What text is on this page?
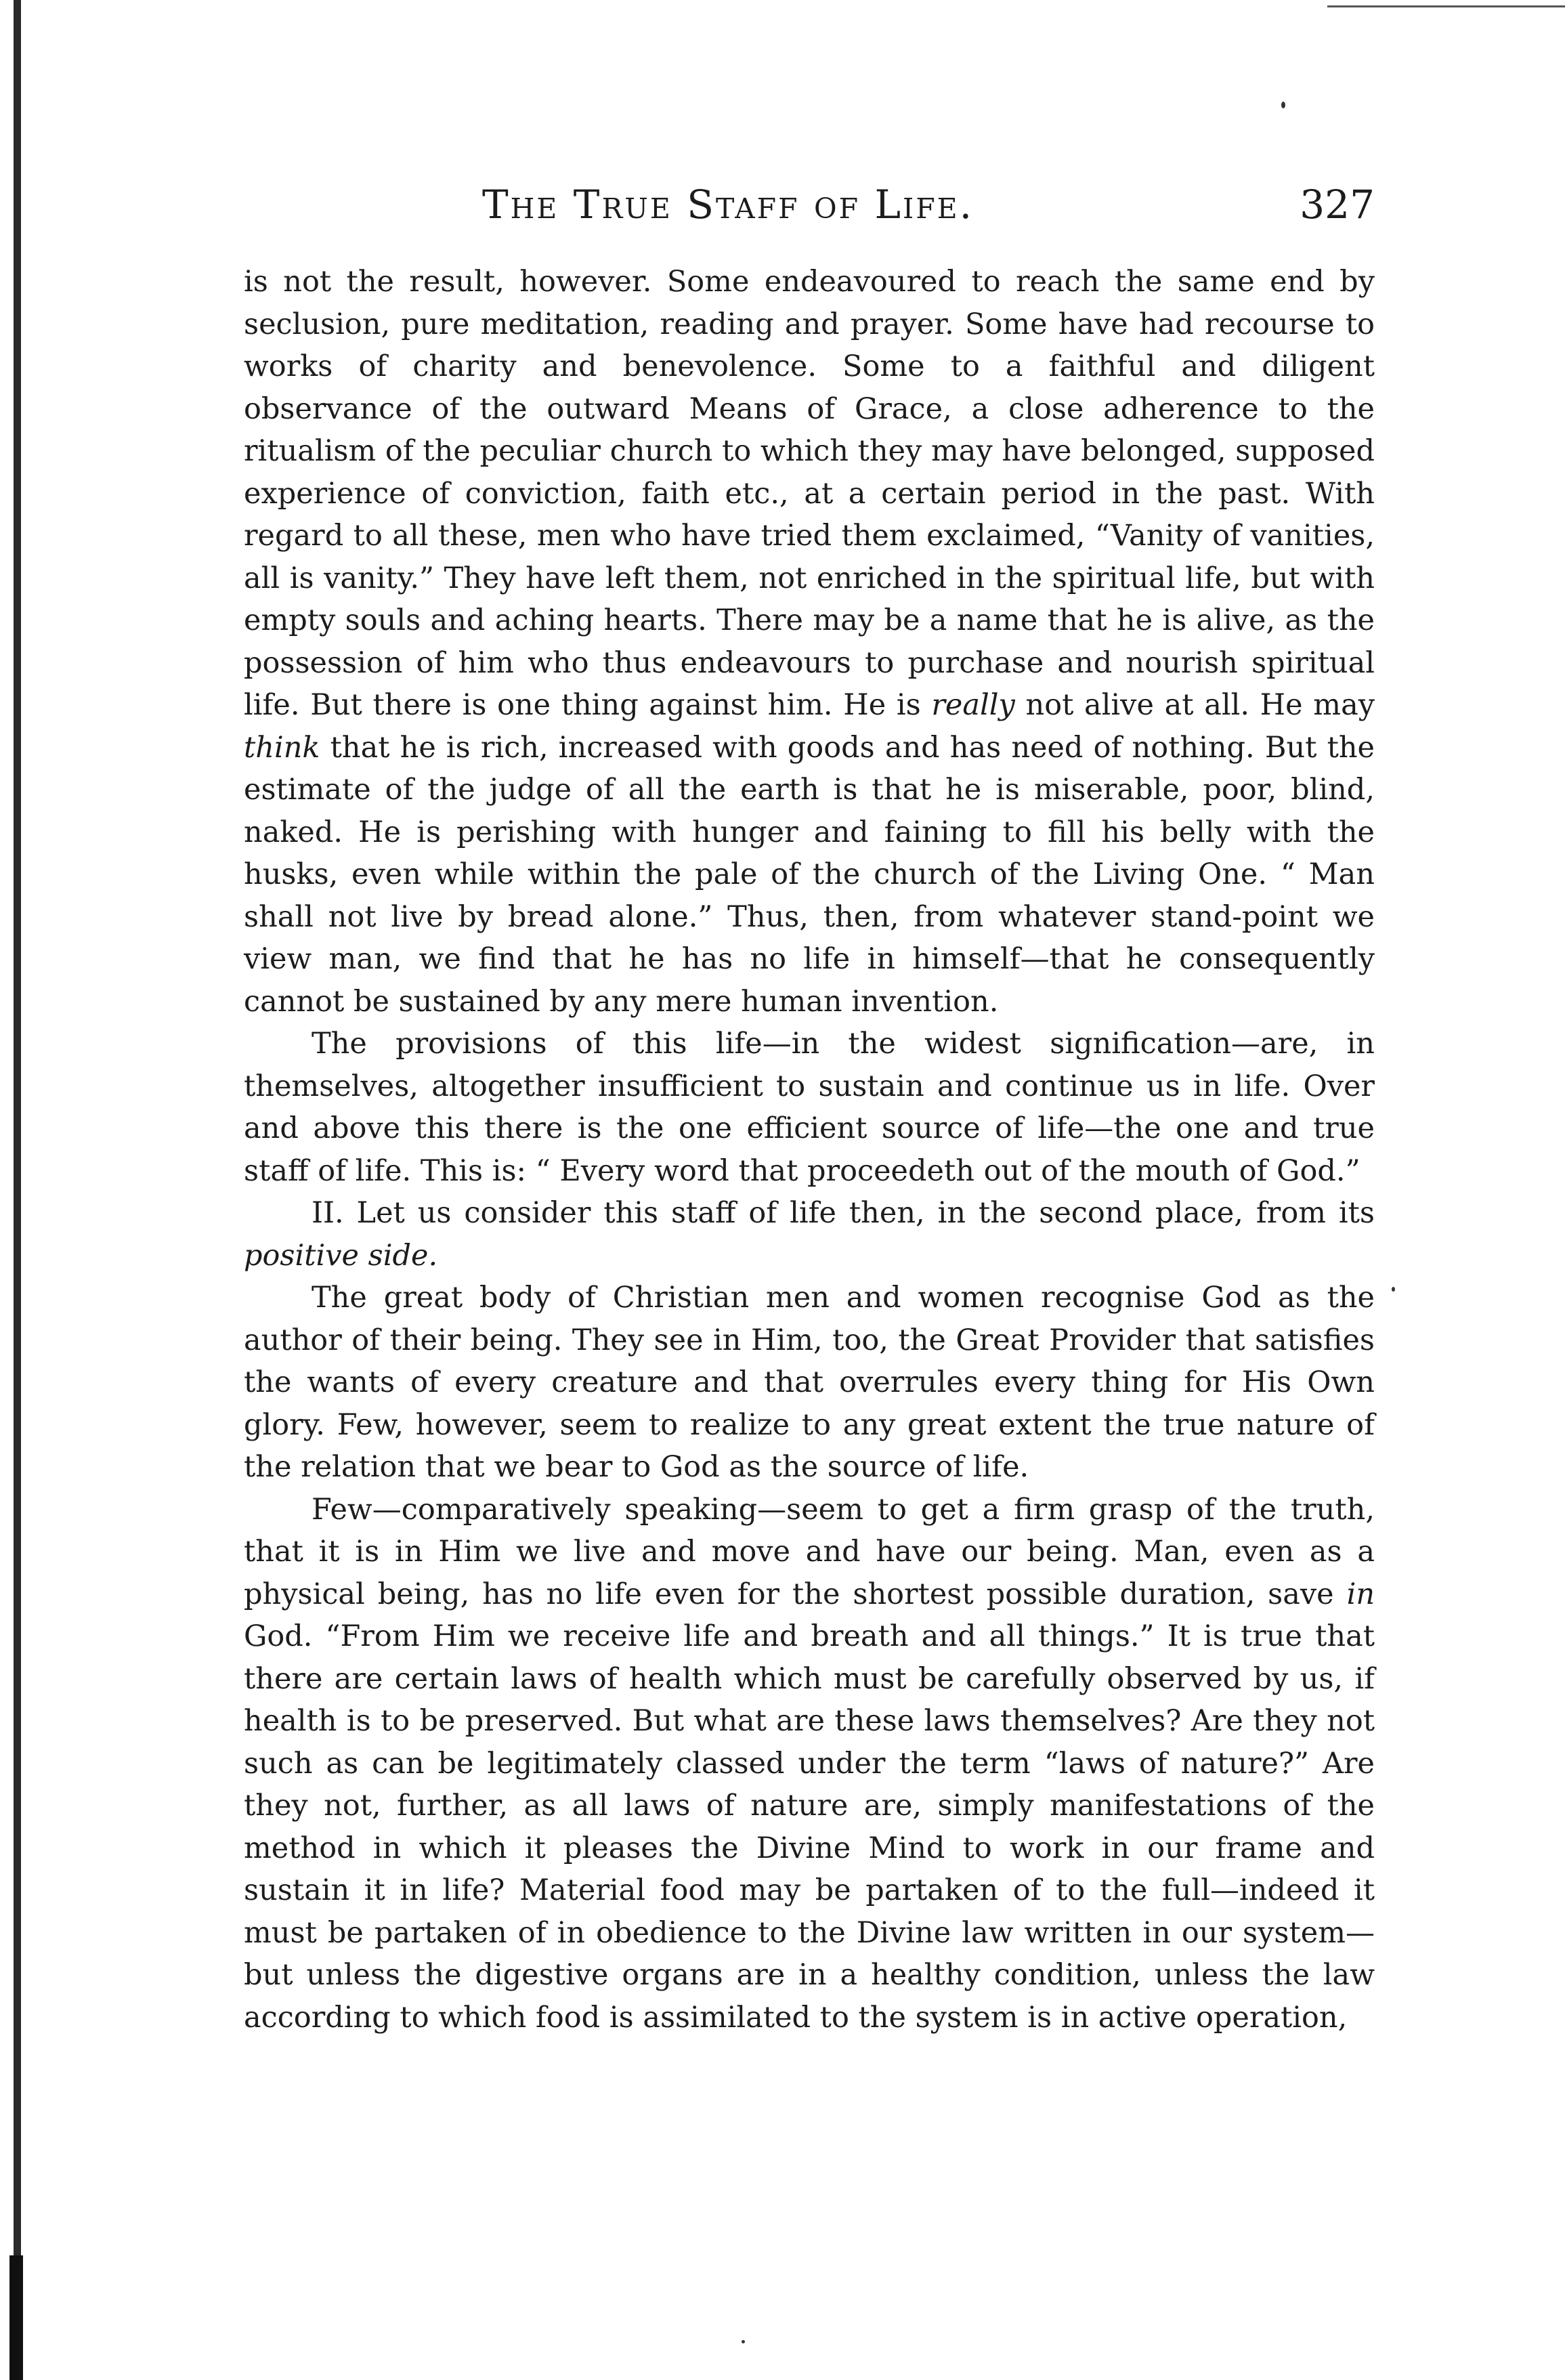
The True Staff of Life.	327

is not the result, however. Some endeavoured to reach the same end by seclusion, pure meditation, reading and prayer. Some have had recourse to works of charity and benevolence. Some to a faithful and diligent observance of the outward Means of Grace, a close adherence to the ritualism of the peculiar church to which they may have belonged, supposed experience of conviction, faith etc., at a certain period in the past. With regard to all these, men who have tried them exclaimed, “Vanity of vanities, all is vanity.” They have left them, not enriched in the spiritual life, but with empty souls and aching hearts. There may be a name that he is alive, as the possession of him who thus endeavours to purchase and nourish spiritual life. But there is one thing against him. He is really not alive at all. He may think that he is rich, increased with goods and has need of nothing. But the estimate of the judge of all the earth is that he is miserable, poor, blind, naked. He is perishing with hunger and faining to fill his belly with the husks, even while within the pale of the church of the Living One. “ Man shall not live by bread alone.” Thus, then, from whatever stand-point we view man, we find that he has no life in himself—that he consequently cannot be sustained by any mere human invention.

The provisions of this life—in the widest signification—are, in themselves, altogether insufficient to sustain and continue us in life. Over and above this there is the one efficient source of life—the one and true staff of life. This is: “ Every word that proceedeth out of the mouth of God.”

II. Let us consider this staff of life then, in the second place, from its positive side.

The great body of Christian men and women recognise God as the author of their being. They see in Him, too, the Great Provider that satisfies the wants of every creature and that overrules every thing for His Own glory. Few, however, seem to realize to any great extent the true nature of the relation that we bear to God as the source of life.

Few—comparatively speaking—seem to get a firm grasp of the truth, that it is in Him we live and move and have our being. Man, even as a physical being, has no life even for the shortest possible duration, save in God. “From Him we receive life and breath and all things.” It is true that there are certain laws of health which must be carefully observed by us, if health is to be preserved. But what are these laws themselves? Are they not such as can be legitimately classed under the term “laws of nature?” Are they not, further, as all laws of nature are, simply manifestations of the method in which it pleases the Divine Mind to work in our frame and sustain it in life? Material food may be partaken of to the full—indeed it must be partaken of in obedience to the Divine law written in our system—but unless the digestive organs are in a healthy condition, unless the law according to which food is assimilated to the system is in active operation,
